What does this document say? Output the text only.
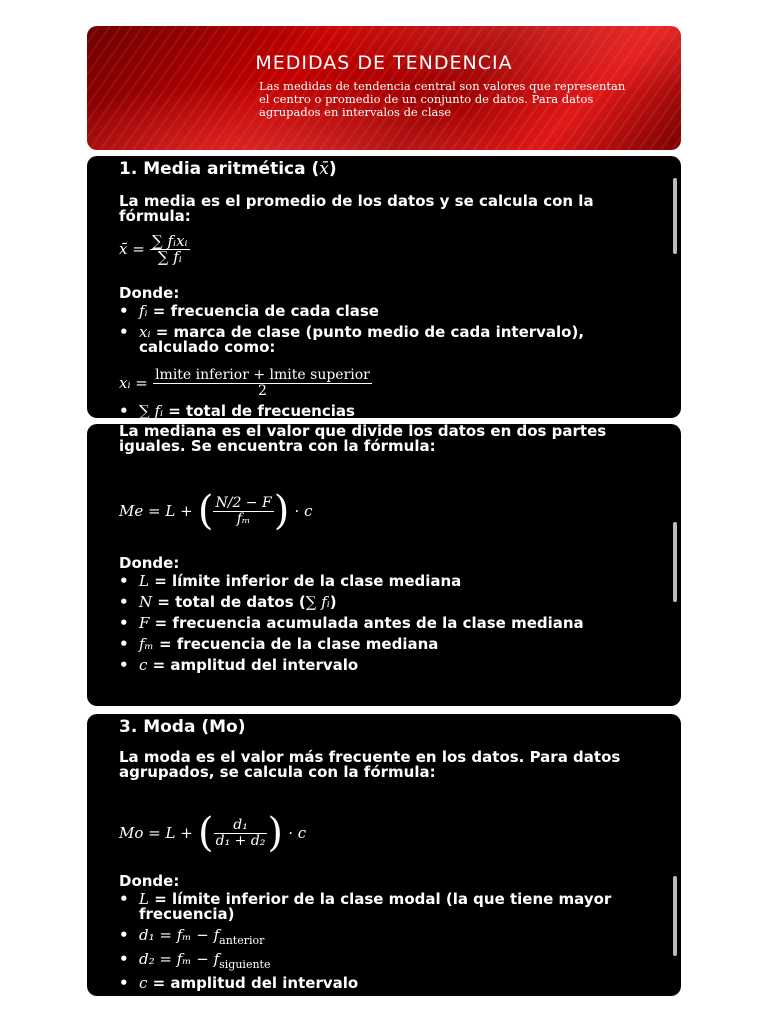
MEDIDAS DE TENDENCIA

Las medidas de tendencia central son valores que representan el centro o promedio de un conjunto de datos. Para datos agrupados en intervalos de clase

1. Media aritmética (x̄)
La media es el promedio de los datos y se calcula con la fórmula:
x̄ = $\frac{\text{∑ fᵢxᵢ}}{\text{∑ fᵢ}}$
Donde:
• fᵢ = frecuencia de cada clase
• xᵢ = marca de clase (punto medio de cada intervalo), calculado como:
xᵢ = $\frac{\text{lmite inferior + lmite superior}}{2}$
• ∑ fᵢ = total de frecuencias
La mediana es el valor que divide los datos en dos partes iguales. Se encuentra con la fórmula:
Me = L + ( $\frac{N/2 - F}{\text{fₘ}}$ ) · c
Donde:
• L = límite inferior de la clase mediana
• N = total de datos (∑ fᵢ)
• F = frecuencia acumulada antes de la clase mediana
• fₘ = frecuencia de la clase mediana
• c = amplitud del intervalo
3. Moda (Mo)
La moda es el valor más frecuente en los datos. Para datos agrupados, se calcula con la fórmula:
Mo = L + ( $\frac{\text{d₁}}{\text{d₁ + d₂}}$ ) · c
Donde:
• L = límite inferior de la clase modal (la que tiene mayor frecuencia)
• $d_1 = f_m - f_{anterior}$
• $d_2 = f_m - f_{siguiente}$
• c = amplitud del intervalo
